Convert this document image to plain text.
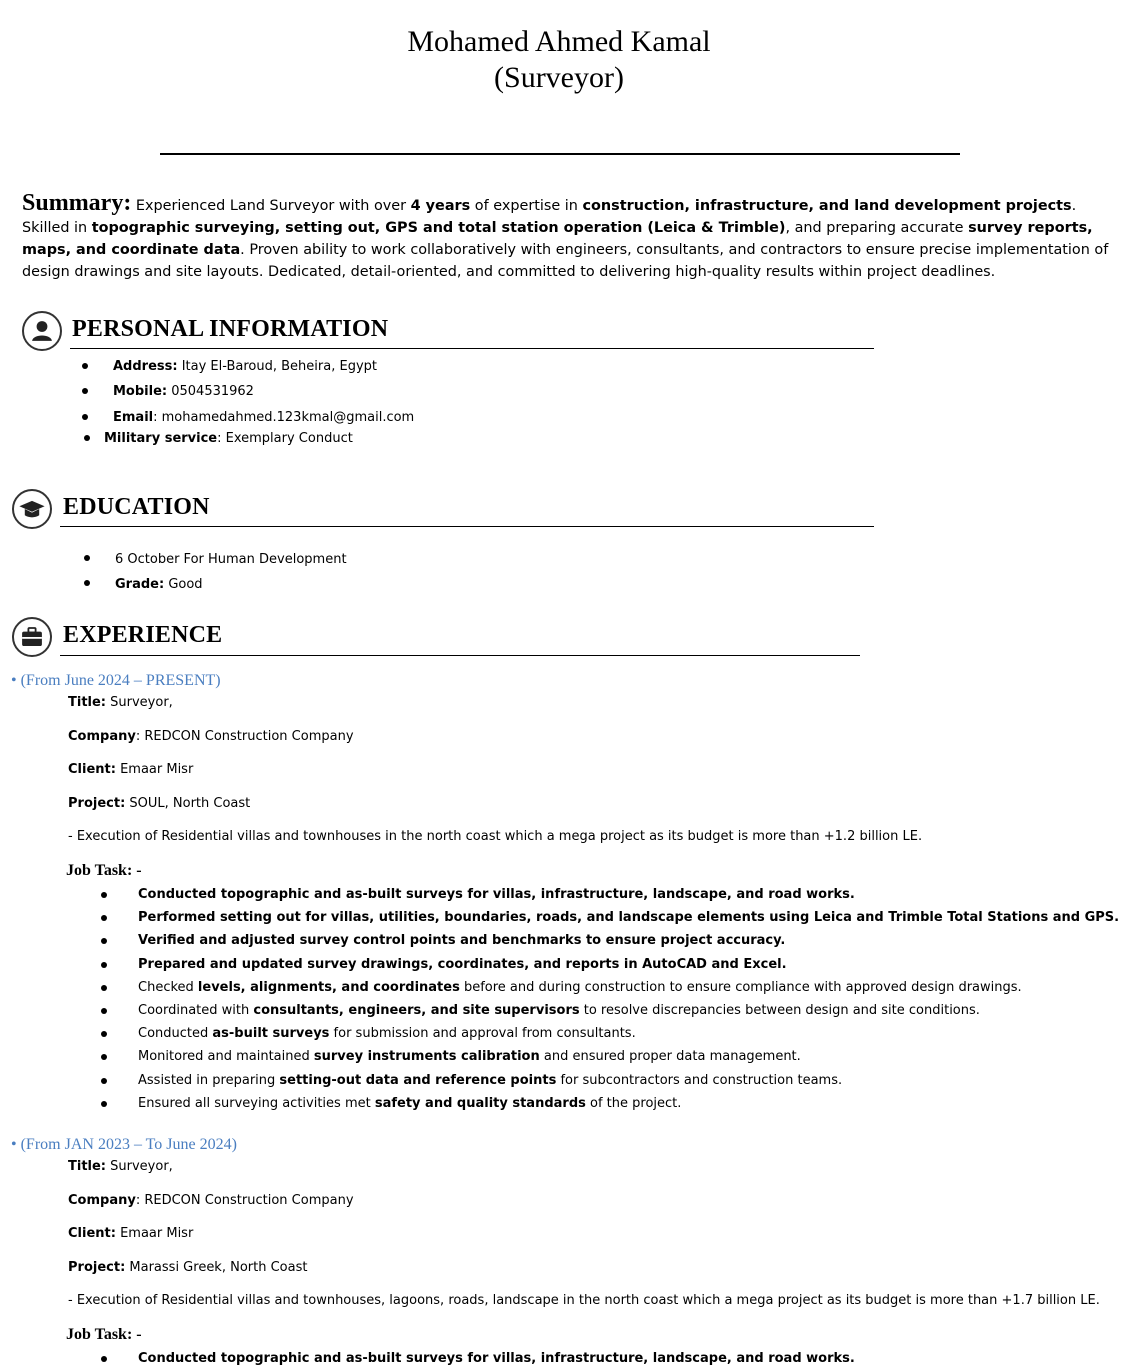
Mohamed Ahmed Kamal
(Surveyor)
Summary: Experienced Land Surveyor with over 4 years of expertise in construction, infrastructure, and land development projects. Skilled in topographic surveying, setting out, GPS and total station operation (Leica & Trimble), and preparing accurate survey reports, maps, and coordinate data. Proven ability to work collaboratively with engineers, consultants, and contractors to ensure precise implementation of design drawings and site layouts. Dedicated, detail-oriented, and committed to delivering high-quality results within project deadlines.
PERSONAL INFORMATION
Address: Itay El-Baroud, Beheira, Egypt
Mobile: 0504531962
Email: mohamedahmed.123kmal@gmail.com
Military service: Exemplary Conduct
EDUCATION
6 October For Human Development
Grade: Good
EXPERIENCE
• (From June 2024 – PRESENT)
Title: Surveyor,
Company: REDCON Construction Company
Client: Emaar Misr
Project: SOUL, North Coast
- Execution of Residential villas and townhouses in the north coast which a mega project as its budget is more than +1.2 billion LE.
Job Task: -
Conducted topographic and as-built surveys for villas, infrastructure, landscape, and road works.
Performed setting out for villas, utilities, boundaries, roads, and landscape elements using Leica and Trimble Total Stations and GPS.
Verified and adjusted survey control points and benchmarks to ensure project accuracy.
Prepared and updated survey drawings, coordinates, and reports in AutoCAD and Excel.
Checked levels, alignments, and coordinates before and during construction to ensure compliance with approved design drawings.
Coordinated with consultants, engineers, and site supervisors to resolve discrepancies between design and site conditions.
Conducted as-built surveys for submission and approval from consultants.
Monitored and maintained survey instruments calibration and ensured proper data management.
Assisted in preparing setting-out data and reference points for subcontractors and construction teams.
Ensured all surveying activities met safety and quality standards of the project.
• (From JAN 2023 – To June 2024)
Title: Surveyor,
Company: REDCON Construction Company
Client: Emaar Misr
Project: Marassi Greek, North Coast
- Execution of Residential villas and townhouses, lagoons, roads, landscape in the north coast which a mega project as its budget is more than +1.7 billion LE.
Job Task: -
Conducted topographic and as-built surveys for villas, infrastructure, landscape, and road works.
